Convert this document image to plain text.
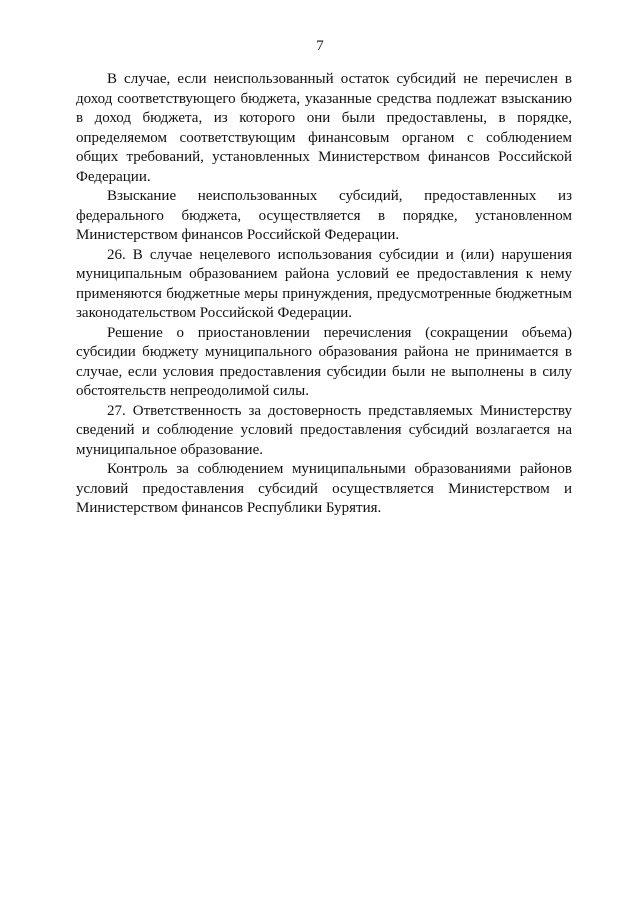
7

В случае, если неиспользованный остаток субсидий не перечислен в доход соответствующего бюджета, указанные средства подлежат взысканию в доход бюджета, из которого они были предоставлены, в порядке, определяемом соответствующим финансовым органом с соблюдением общих требований, установленных Министерством финансов Российской Федерации.

Взыскание неиспользованных субсидий, предоставленных из федерального бюджета, осуществляется в порядке, установленном Министерством финансов Российской Федерации.

26. В случае нецелевого использования субсидии и (или) нарушения муниципальным образованием района условий ее предоставления к нему применяются бюджетные меры принуждения, предусмотренные бюджетным законодательством Российской Федерации.

Решение о приостановлении перечисления (сокращении объема) субсидии бюджету муниципального образования района не принимается в случае, если условия предоставления субсидии были не выполнены в силу обстоятельств непреодолимой силы.

27. Ответственность за достоверность представляемых Министерству сведений и соблюдение условий предоставления субсидий возлагается на муниципальное образование.

Контроль за соблюдением муниципальными образованиями районов условий предоставления субсидий осуществляется Министерством и Министерством финансов Республики Бурятия.
